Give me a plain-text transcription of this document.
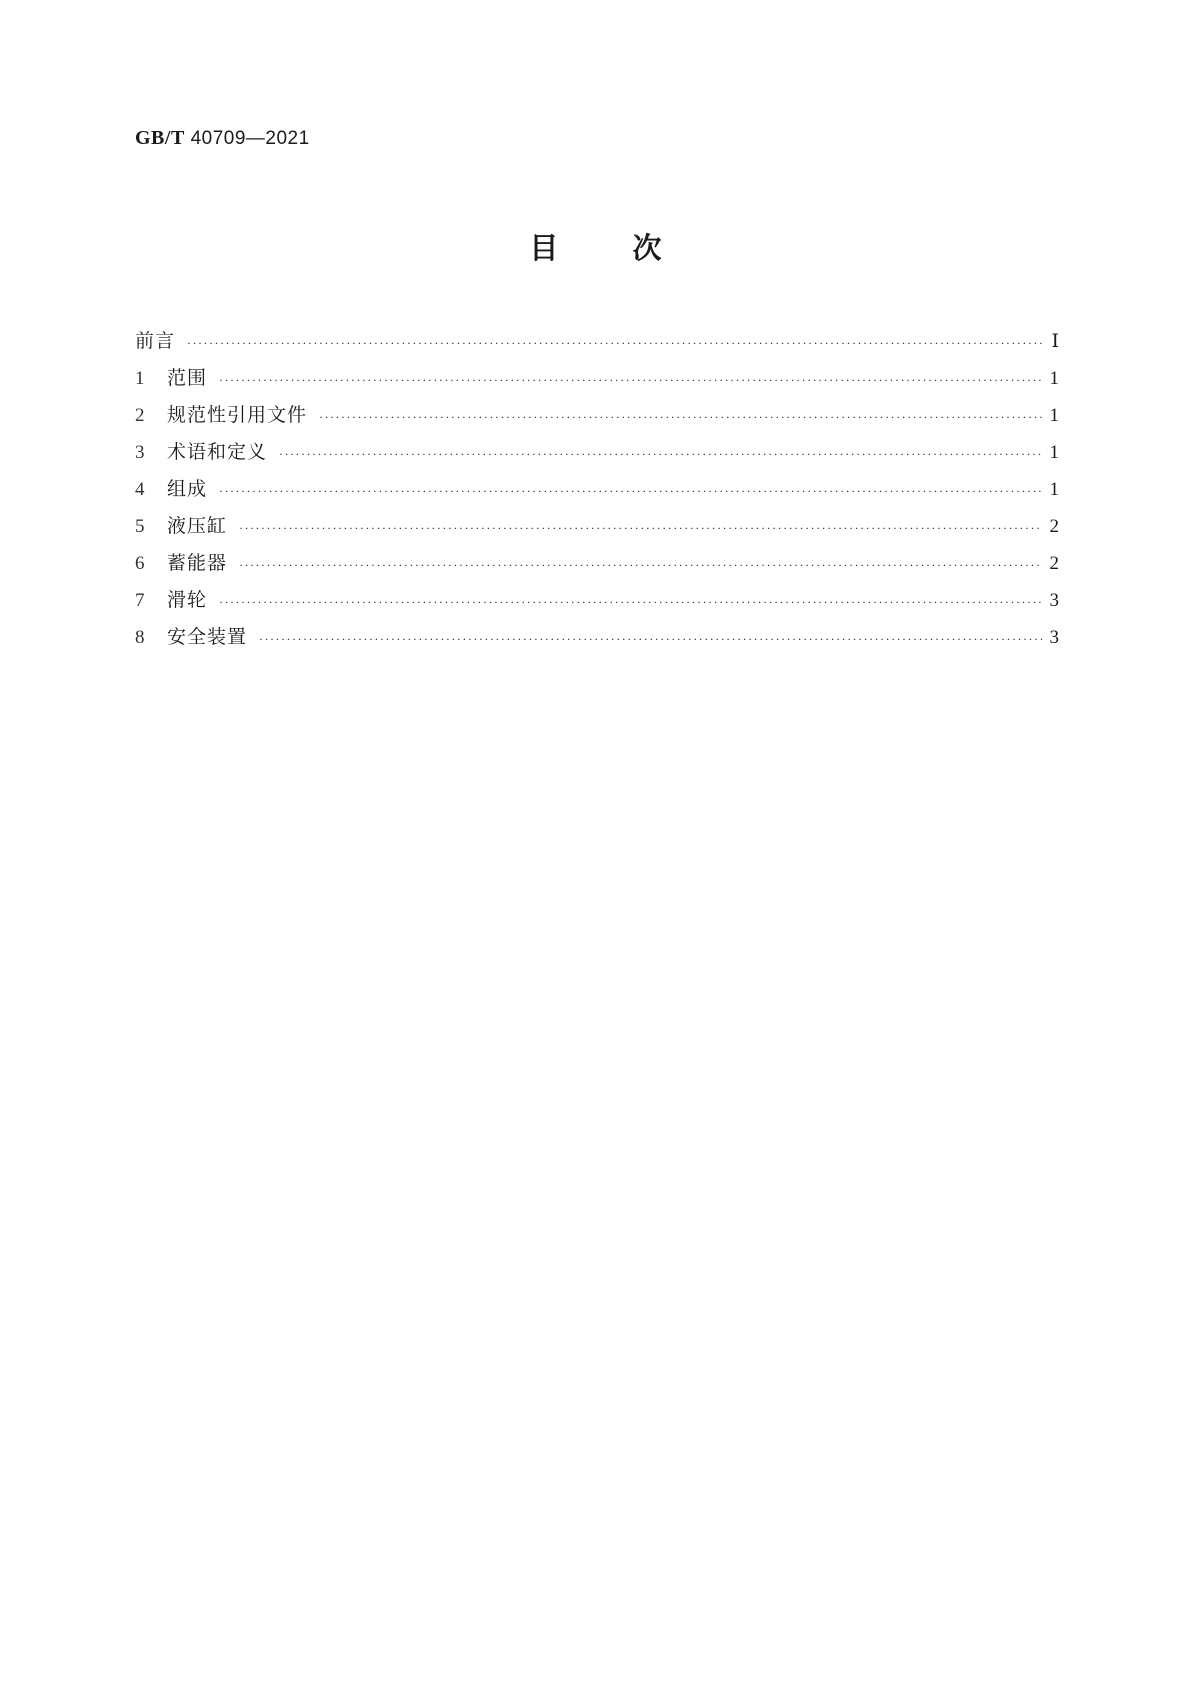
GB/T 40709—2021
目	次
前言 ·····	Ⅰ
1	范围 ·····	1
2	规范性引用文件 ·····	1
3	术语和定义 ·····	1
4	组成 ·····	1
5	液压缸 ·····	2
6	蓄能器 ·····	2
7	滑轮 ·····	3
8	安全装置 ·····	3
